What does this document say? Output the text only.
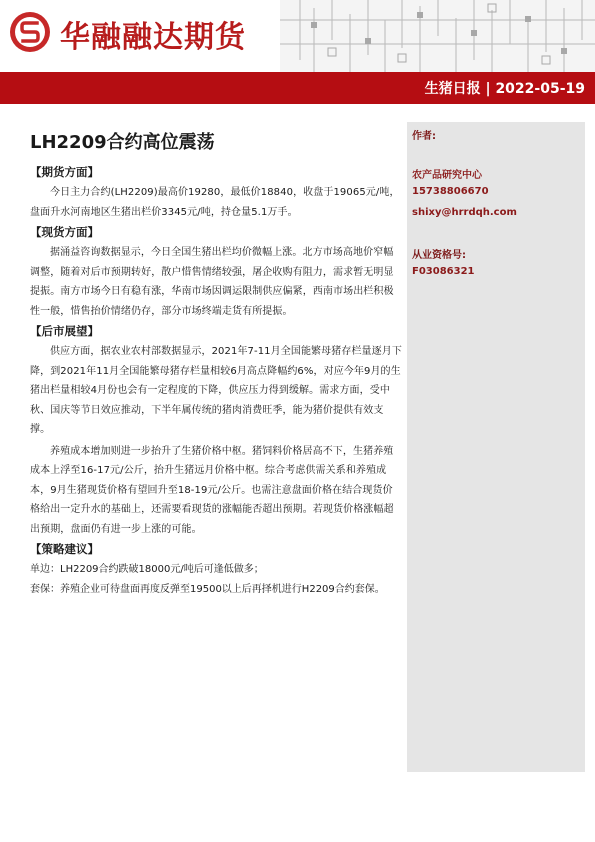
华融融达期货
生猪日报 | 2022-05-19
LH2209合约高位震荡
【期货方面】

今日主力合约(LH2209)最高价19280，最低价18840，收盘于19065元/吨，盘面升水河南地区生猪出栏价3345元/吨，持仓量5.1万手。

【现货方面】

据涌益咨询数据显示，今日全国生猪出栏均价微幅上涨。北方市场高地价窄幅调整，随着对后市预期转好，散户惜售情绪较强，屠企收购有阻力，需求暂无明显提振。南方市场今日有稳有涨，华南市场因调运限制供应偏紧，西南市场出栏积极性一般，惜售抬价情绪仍存，部分市场终端走货有所提振。

【后市展望】

供应方面，据农业农村部数据显示，2021年7-11月全国能繁母猪存栏量逐月下降，到2021年11月全国能繁母猪存栏量相较6月高点降幅约6%，对应今年9月的生猪出栏量相较4月份也会有一定程度的下降，供应压力得到缓解。需求方面，受中秋、国庆等节日效应推动，下半年属传统的猪肉消费旺季，能为猪价提供有效支撑。

养殖成本增加则进一步抬升了生猪价格中枢。猪饲料价格居高不下，生猪养殖成本上浮至16-17元/公斤，抬升生猪远月价格中枢。综合考虑供需关系和养殖成本，9月生猪现货价格有望回升至18-19元/公斤。也需注意盘面价格在结合现货价格给出一定升水的基础上，还需要看现货的涨幅能否超出预期。若现货价格涨幅超出预期，盘面仍有进一步上涨的可能。

【策略建议】

单边：LH2209合约跌破18000元/吨后可逢低做多；

套保：养殖企业可待盘面再度反弹至19500以上后再择机进行H2209合约套保。

作者:
农产品研究中心
15738806670
shixy@hrrdqh.com
从业资格号:
F03086321
